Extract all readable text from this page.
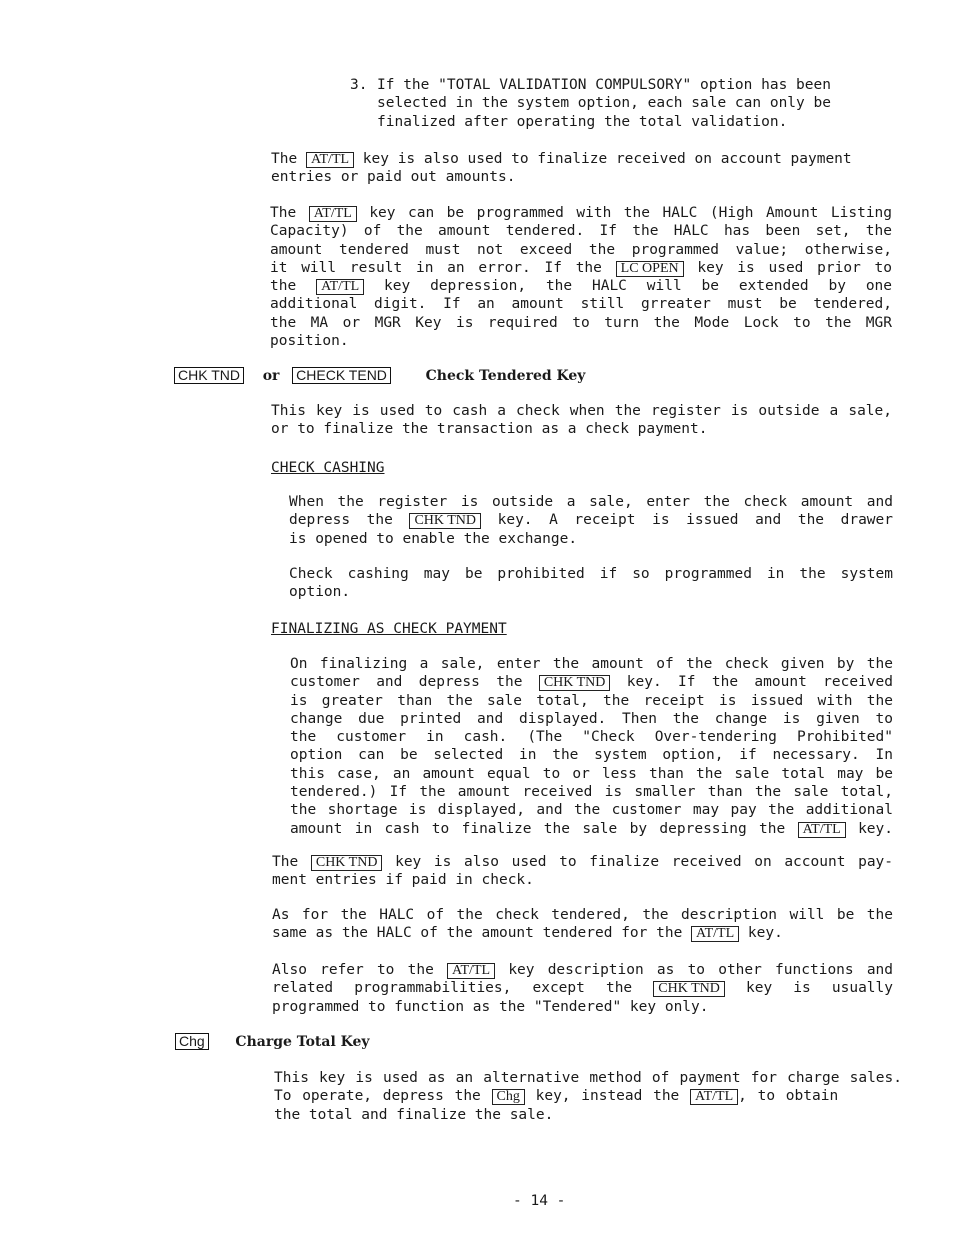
3. If the "TOTAL VALIDATION COMPULSORY" option has been
selected in the system option, each sale can only be
finalized after operating the total validation.
The AT/TL key is also used to finalize received on account payment
entries or paid out amounts.
The AT/TL key can be programmed with the HALC (High Amount Listing
Capacity) of the amount tendered. If the HALC has been set, the
amount tendered must not exceed the programmed value; otherwise,
it will result in an error. If the LC OPEN key is used prior to
the AT/TL key depression, the HALC will be extended by one
additional digit. If an amount still grreater must be tendered,
the MA or MGR Key is required to turn the Mode Lock to the MGR
position.
CHK TND or CHECK TEND	Check Tendered Key
This key is used to cash a check when the register is outside a sale,
or to finalize the transaction as a check payment.
CHECK CASHING
When the register is outside a sale, enter the check amount and
depress the CHK TND key. A receipt is issued and the drawer
is opened to enable the exchange.
Check cashing may be prohibited if so programmed in the system
option.
FINALIZING AS CHECK PAYMENT
On finalizing a sale, enter the amount of the check given by the
customer and depress the CHK TND key. If the amount received
is greater than the sale total, the receipt is issued with the
change due printed and displayed. Then the change is given to
the customer in cash. (The "Check Over-tendering Prohibited"
option can be selected in the system option, if necessary. In
this case, an amount equal to or less than the sale total may be
tendered.) If the amount received is smaller than the sale total,
the shortage is displayed, and the customer may pay the additional
amount in cash to finalize the sale by depressing the AT/TL key.
The CHK TND key is also used to finalize received on account pay-
ment entries if paid in check.
As for the HALC of the check tendered, the description will be the
same as the HALC of the amount tendered for the AT/TL key.
Also refer to the AT/TL key description as to other functions and
related programmabilities, except the CHK TND key is usually
programmed to function as the "Tendered" key only.
Chg Charge Total Key
This key is used as an alternative method of payment for charge sales.
To operate, depress the Chg key, instead the AT/TL , to obtain
the total and finalize the sale.
- 14 -
